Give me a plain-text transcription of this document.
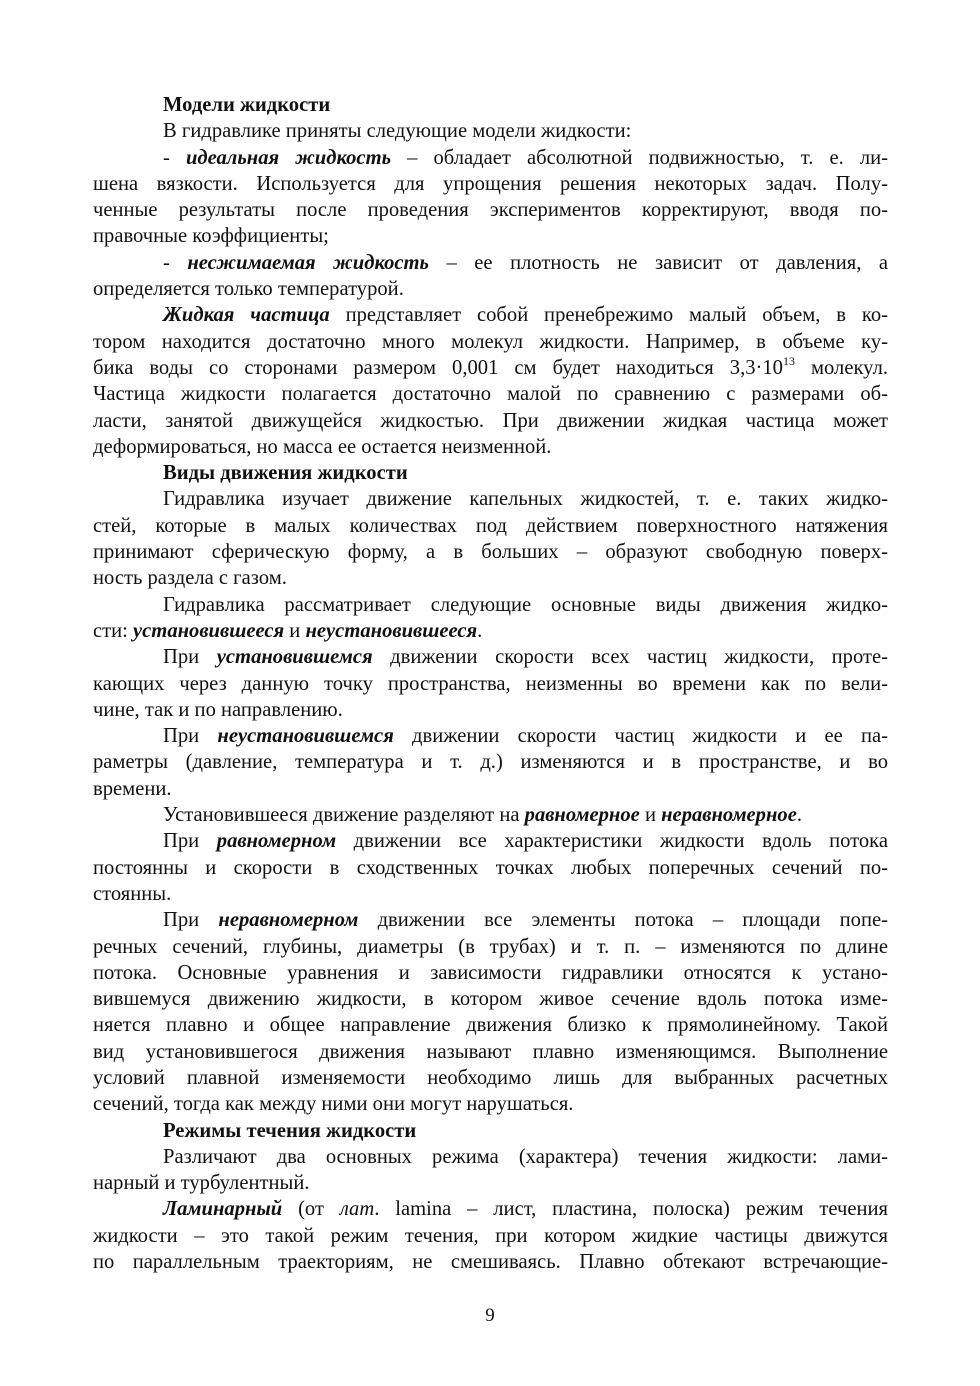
Модели жидкости
В гидравлике приняты следующие модели жидкости:
- идеальная жидкость – обладает абсолютной подвижностью, т. е. ли-
шена вязкости. Используется для упрощения решения некоторых задач. Полу-
ченные результаты после проведения экспериментов корректируют, вводя по-
правочные коэффициенты;
- несжимаемая жидкость – ее плотность не зависит от давления, а
определяется только температурой.
Жидкая частица представляет собой пренебрежимо малый объем, в ко-
тором находится достаточно много молекул жидкости. Например, в объеме ку-
бика воды со сторонами размером 0,001 см будет находиться $3,3\cdot 10^{13}$ молекул.
Частица жидкости полагается достаточно малой по сравнению с размерами об-
ласти, занятой движущейся жидкостью. При движении жидкая частица может
деформироваться, но масса ее остается неизменной.
Виды движения жидкости
Гидравлика изучает движение капельных жидкостей, т. е. таких жидко-
стей, которые в малых количествах под действием поверхностного натяжения
принимают сферическую форму, а в больших – образуют свободную поверх-
ность раздела с газом.
Гидравлика рассматривает следующие основные виды движения жидко-
сти: установившееся и неустановившееся.
При установившемся движении скорости всех частиц жидкости, проте-
кающих через данную точку пространства, неизменны во времени как по вели-
чине, так и по направлению.
При неустановившемся движении скорости частиц жидкости и ее па-
раметры (давление, температура и т. д.) изменяются и в пространстве, и во
времени.
Установившееся движение разделяют на равномерное и неравномерное.
При равномерном движении все характеристики жидкости вдоль потока
постоянны и скорости в сходственных точках любых поперечных сечений по-
стоянны.
При неравномерном движении все элементы потока – площади попе-
речных сечений, глубины, диаметры (в трубах) и т. п. – изменяются по длине
потока. Основные уравнения и зависимости гидравлики относятся к устано-
вившемуся движению жидкости, в котором живое сечение вдоль потока изме-
няется плавно и общее направление движения близко к прямолинейному. Такой
вид установившегося движения называют плавно изменяющимся. Выполнение
условий плавной изменяемости необходимо лишь для выбранных расчетных
сечений, тогда как между ними они могут нарушаться.
Режимы течения жидкости
Различают два основных режима (характера) течения жидкости: лами-
нарный и турбулентный.
Ламинарный (от лат. lamina – лист, пластина, полоска) режим течения
жидкости – это такой режим течения, при котором жидкие частицы движутся
по параллельным траекториям, не смешиваясь. Плавно обтекают встречающие-
9
